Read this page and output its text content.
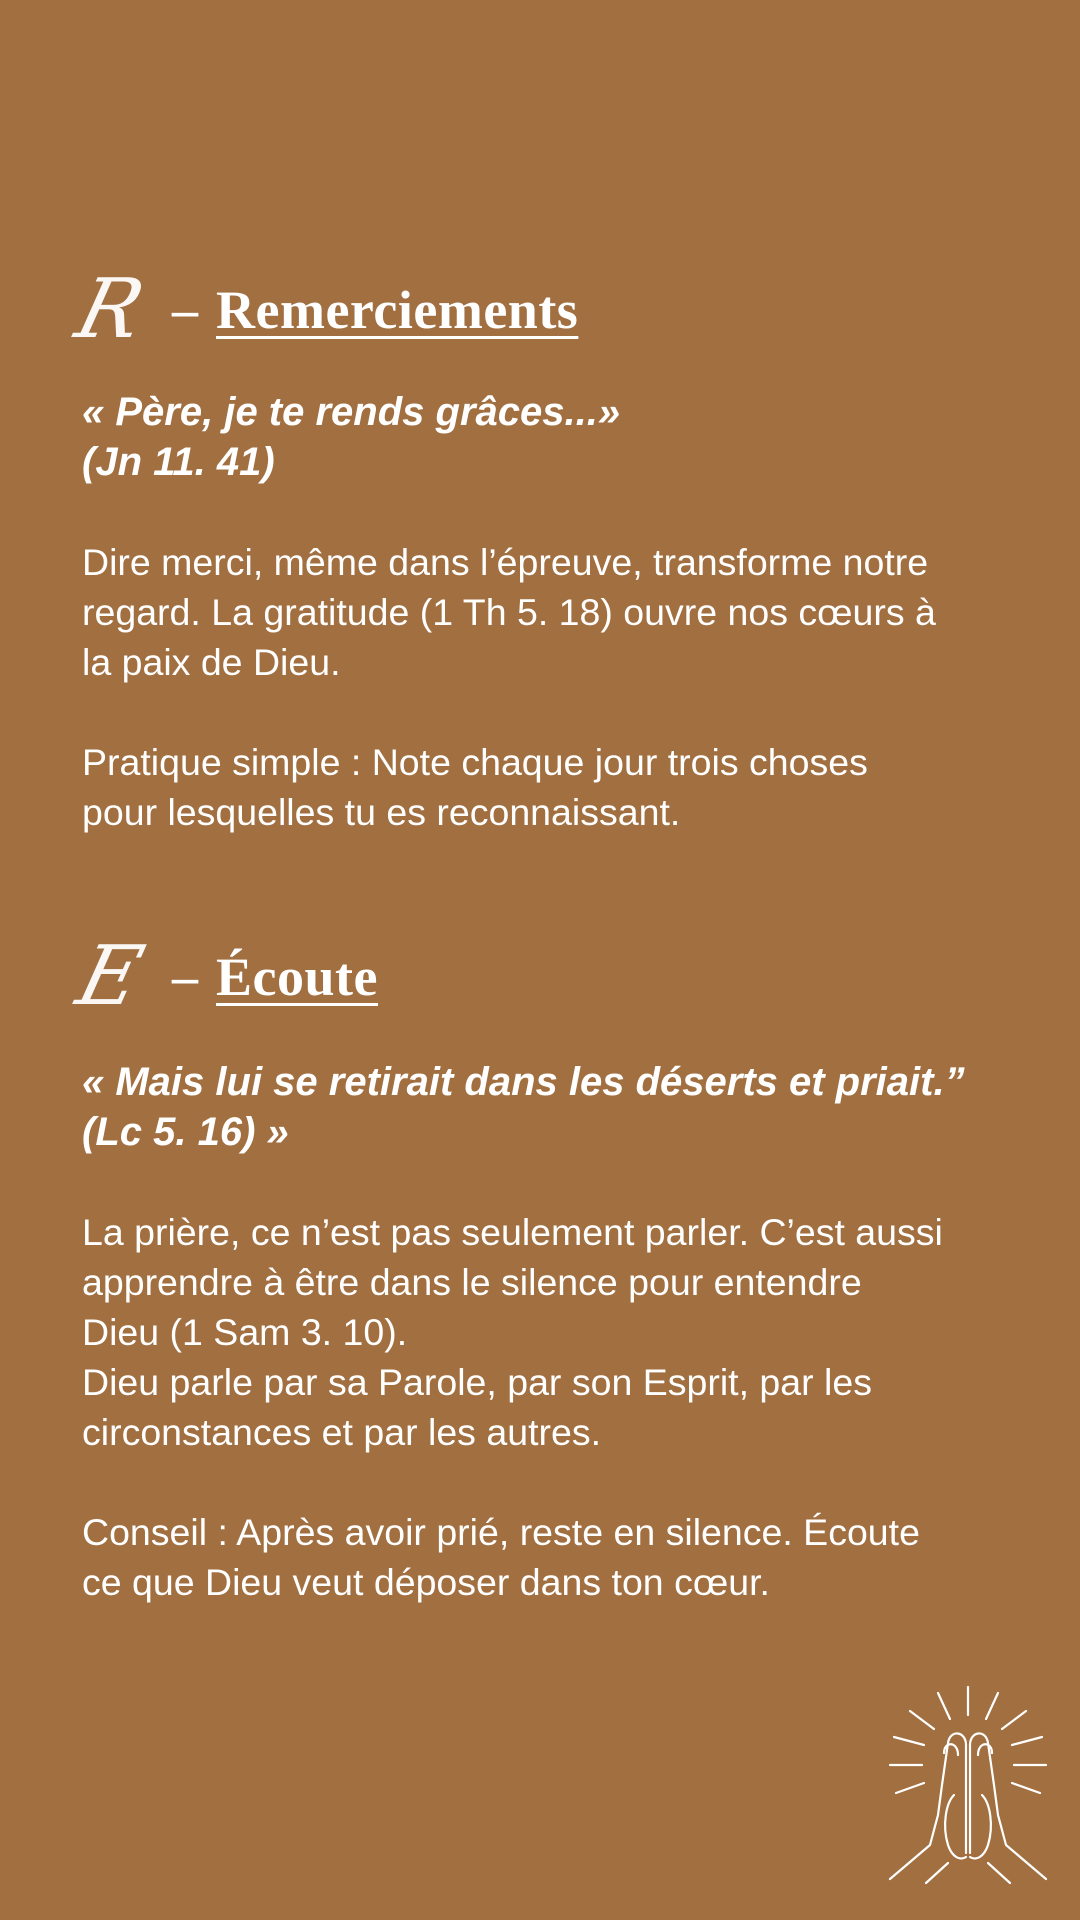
R – Remerciements

« Père, je te rends grâces...»
(Jn 11. 41)

Dire merci, même dans l’épreuve, transforme notre
regard. La gratitude (1 Th 5. 18) ouvre nos cœurs à
la paix de Dieu.

Pratique simple : Note chaque jour trois choses
pour lesquelles tu es reconnaissant.

E – Écoute

« Mais lui se retirait dans les déserts et priait.”
(Lc 5. 16) »

La prière, ce n’est pas seulement parler. C’est aussi
apprendre à être dans le silence pour entendre
Dieu (1 Sam 3. 10).
Dieu parle par sa Parole, par son Esprit, par les
circonstances et par les autres.

Conseil : Après avoir prié, reste en silence. Écoute
ce que Dieu veut déposer dans ton cœur.
